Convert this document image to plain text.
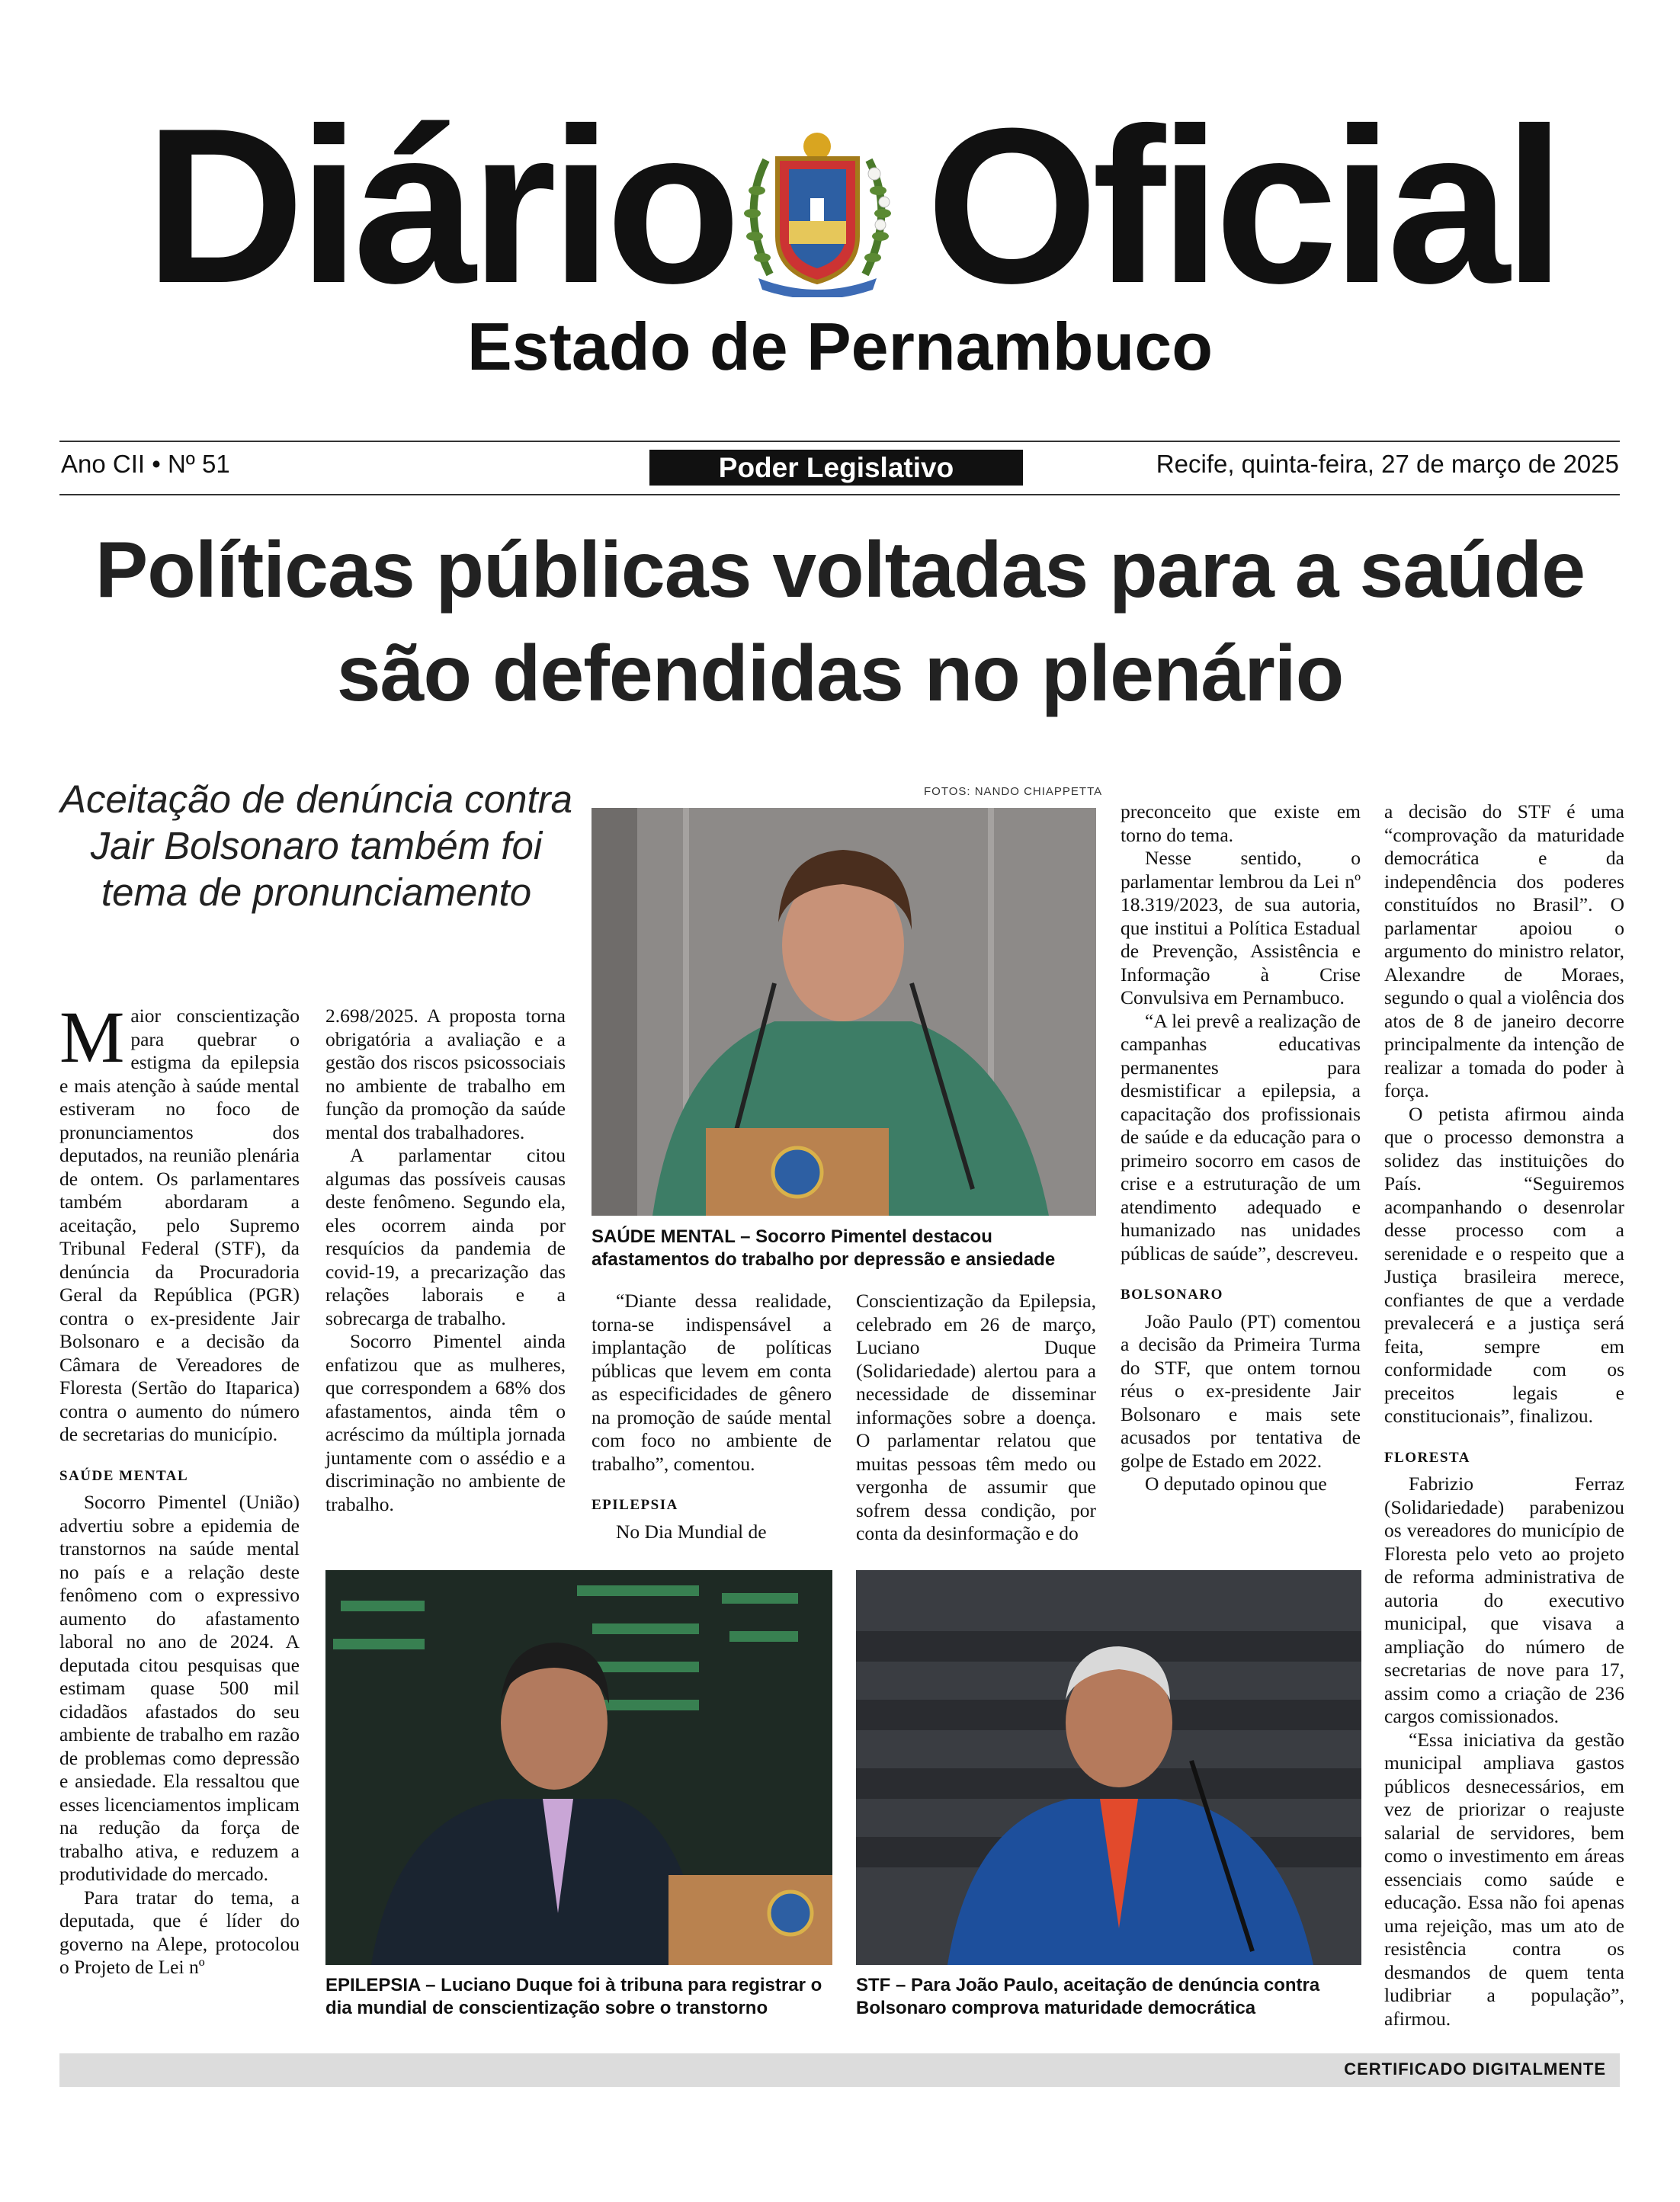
Diário Oficial
Estado de Pernambuco
Ano CII • Nº 51	Poder Legislativo	Recife, quinta-feira, 27 de março de 2025
Políticas públicas voltadas para a saúde são defendidas no plenário
Aceitação de denúncia contra Jair Bolsonaro também foi tema de pronunciamento

Maior conscientização para quebrar o estigma da epilepsia e mais atenção à saúde mental estiveram no foco de pronunciamentos dos deputados, na reunião plenária de ontem. Os parlamentares também abordaram a aceitação, pelo Supremo Tribunal Federal (STF), da denúncia da Procuradoria Geral da República (PGR) contra o ex-presidente Jair Bolsonaro e a decisão da Câmara de Vereadores de Floresta (Sertão do Itaparica) contra o aumento do número de secretarias do município.

SAÚDE MENTAL

Socorro Pimentel (União) advertiu sobre a epidemia de transtornos na saúde mental no país e a relação deste fenômeno com o expressivo aumento do afastamento laboral no ano de 2024. A deputada citou pesquisas que estimam quase 500 mil cidadãos afastados do seu ambiente de trabalho em razão de problemas como depressão e ansiedade. Ela ressaltou que esses licenciamentos implicam na redução da força de trabalho ativa, e reduzem a produtividade do mercado.

Para tratar do tema, a deputada, que é líder do governo na Alepe, protocolou o Projeto de Lei nº

2.698/2025. A proposta torna obrigatória a avaliação e a gestão dos riscos psicossociais no ambiente de trabalho em função da promoção da saúde mental dos trabalhadores.

A parlamentar citou algumas das possíveis causas deste fenômeno. Segundo ela, eles ocorrem ainda por resquícios da pandemia de covid-19, a precarização das relações laborais e a sobrecarga de trabalho.

Socorro Pimentel ainda enfatizou que as mulheres, que correspondem a 68% dos afastamentos, ainda têm o acréscimo da múltipla jornada juntamente com o assédio e a discriminação no ambiente de trabalho.

FOTOS: NANDO CHIAPPETTA
SAÚDE MENTAL – Socorro Pimentel destacou afastamentos do trabalho por depressão e ansiedade

“Diante dessa realidade, torna-se indispensável a implantação de políticas públicas que levem em conta as especificidades de gênero na promoção de saúde mental com foco no ambiente de trabalho”, comentou.

EPILEPSIA

No Dia Mundial de

Conscientização da Epilepsia, celebrado em 26 de março, Luciano Duque (Solidariedade) alertou para a necessidade de disseminar informações sobre a doença. O parlamentar relatou que muitas pessoas têm medo ou vergonha de assumir que sofrem dessa condição, por conta da desinformação e do

preconceito que existe em torno do tema.

Nesse sentido, o parlamentar lembrou da Lei nº 18.319/2023, de sua autoria, que institui a Política Estadual de Prevenção, Assistência e Informação à Crise Convulsiva em Pernambuco.

“A lei prevê a realização de campanhas educativas permanentes para desmistificar a epilepsia, a capacitação dos profissionais de saúde e da educação para o primeiro socorro em casos de crise e a estruturação de um atendimento adequado e humanizado nas unidades públicas de saúde”, descreveu.

BOLSONARO

João Paulo (PT) comentou a decisão da Primeira Turma do STF, que ontem tornou réus o ex-presidente Jair Bolsonaro e mais sete acusados por tentativa de golpe de Estado em 2022.

O deputado opinou que

a decisão do STF é uma “comprovação da maturidade democrática e da independência dos poderes constituídos no Brasil”. O parlamentar apoiou o argumento do ministro relator, Alexandre de Moraes, segundo o qual a violência dos atos de 8 de janeiro decorre principalmente da intenção de realizar a tomada do poder à força.

O petista afirmou ainda que o processo demonstra a solidez das instituições do País. “Seguiremos acompanhando o desenrolar desse processo com a serenidade e o respeito que a Justiça brasileira merece, confiantes de que a verdade prevalecerá e a justiça será feita, sempre em conformidade com os preceitos legais e constitucionais”, finalizou.

FLORESTA

Fabrizio Ferraz (Solidariedade) parabenizou os vereadores do município de Floresta pelo veto ao projeto de reforma administrativa de autoria do executivo municipal, que visava a ampliação do número de secretarias de nove para 17, assim como a criação de 236 cargos comissionados.

“Essa iniciativa da gestão municipal ampliava gastos públicos desnecessários, em vez de priorizar o reajuste salarial de servidores, bem como o investimento em áreas essenciais como saúde e educação. Essa não foi apenas uma rejeição, mas um ato de resistência contra os desmandos de quem tenta ludibriar a população”, afirmou.

EPILEPSIA – Luciano Duque foi à tribuna para registrar o dia mundial de conscientização sobre o transtorno
STF – Para João Paulo, aceitação de denúncia contra Bolsonaro comprova maturidade democrática
CERTIFICADO DIGITALMENTE
